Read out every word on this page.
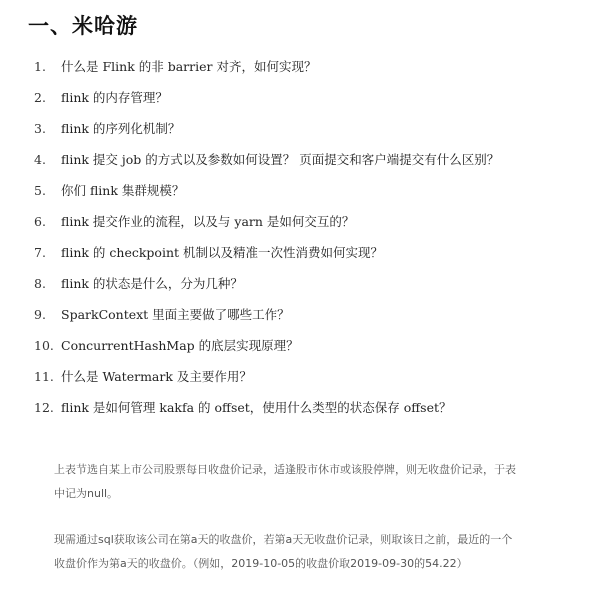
一、米哈游
1.	什么是 Flink 的非 barrier 对齐，如何实现？
2.	flink 的内存管理？
3.	flink 的序列化机制？
4.	flink 提交 job 的方式以及参数如何设置？ 页面提交和客户端提交有什么区别？
5.	你们 flink 集群规模？
6.	flink 提交作业的流程，以及与 yarn 是如何交互的？
7.	flink 的 checkpoint 机制以及精准一次性消费如何实现？
8.	flink 的状态是什么，分为几种？
9.	SparkContext 里面主要做了哪些工作？
10. ConcurrentHashMap 的底层实现原理？
11. 什么是 Watermark 及主要作用？
12. flink 是如何管理 kakfa 的 offset，使用什么类型的状态保存 offset？
上表节选自某上市公司股票每日收盘价记录，适逢股市休市或该股停牌，则无收盘价记录，于表
中记为null。
现需通过sql获取该公司在第a天的收盘价，若第a天无收盘价记录，则取该日之前，最近的一个
收盘价作为第a天的收盘价。（例如，2019-10-05的收盘价取2019-09-30的54.22）
